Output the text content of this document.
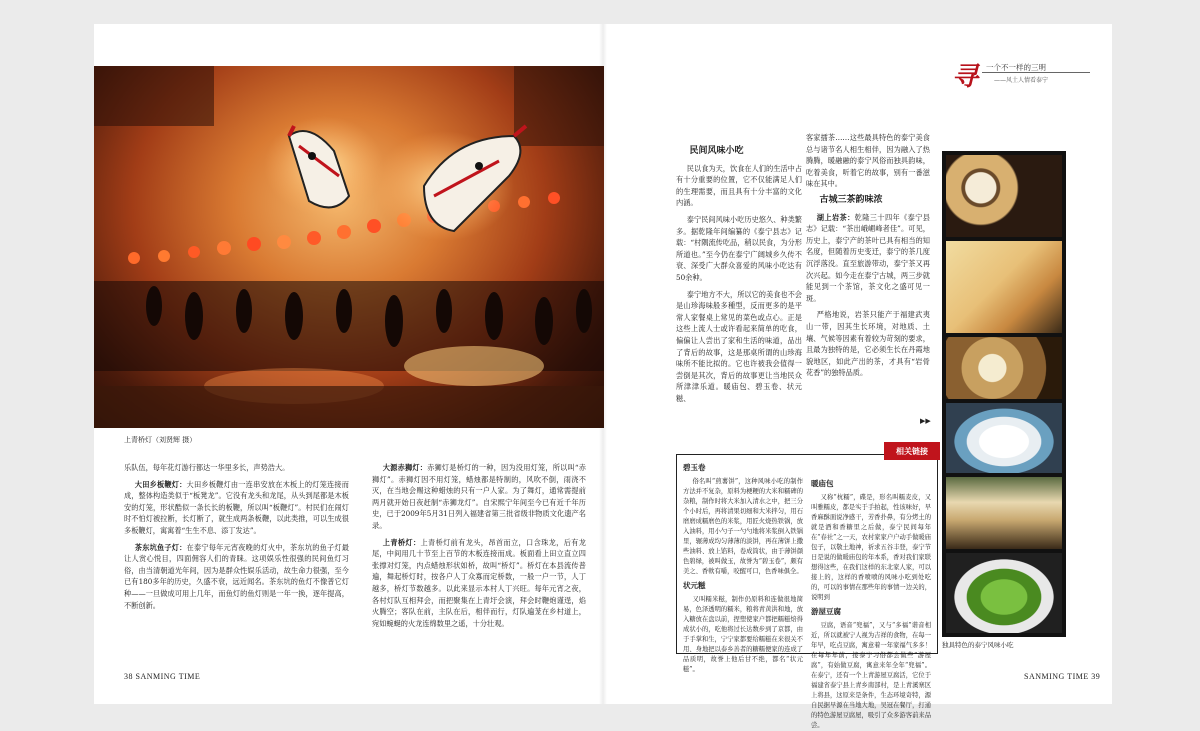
上青桥灯（刘贤辉 摄）

乐队伍，每年花灯游行都达一华里多长，声势浩大。

大田乡板鞭灯：大田乡板鞭灯由一连串安放在木板上的灯笼连接而成，整体构造类似于“板凳龙”。它没有龙头和龙尾，从头到尾都是木板安的灯笼，形状酷似一条长长的板鞭，所以叫“板鞭灯”。村民们在闹灯时不怕灯被拉断，长灯断了，就生成两条板鞭，以此类推，可以生成很多板鞭灯，寓寓着“生生不息、添丁发达”。

茶东坑鱼子灯：在泰宁每年元宵夜晚的灯火中，茶东坑的鱼子灯最让人赏心悦目，四面佣容人们的青睐。这项娱乐性很强的民间鱼灯习俗，由当清朝道光年间，因为是群众性娱乐活动，故生命力很强，至今已有180多年的历史，久盛不衰，远近闻名。茶东坑的鱼灯不像普它灯种——一旦做成可用上几年，而鱼灯的鱼灯则是一年一换，逐年提高，不断创新。

大源赤狮灯：赤狮灯是桥灯的一种，因为没用灯笼，所以叫“赤狮灯”。赤狮灯因不用灯笼，蜡烛都是特制的，风吹不倒，雨浇不灭，在当地会赐这种蜡烛的只有一户人家。为了舞灯，通常需提前两月就开始日夜赶制“赤狮龙灯”。自宋熙宁年间至今已有近千年历史，已于2009年5月31日列入福建省第三批省级非物质文化遗产名录。

上青桥灯：上青桥灯前有龙头，昂首而立，口含珠龙，后有龙尾，中间用几十节至上百节的木板连接而成。板面看上田立直立四张撑对灯笼，内点蜡烛形状如桥，故叫“桥灯”。桥灯在本县流传普遍，舞起桥灯时，按各户人丁众寡而定桥数，一般一户一节，人丁越多，桥灯节数越多。以此来显示本村人丁兴旺。每年元宵之夜，各村灯队互相拜会，而把聚集在上青圩会演，拜会时鞭炮谨逞，焰火腾空；客队在前，主队在后，相伴而行，灯队遍茏在乡村道上，宛如蜿蜒的火龙连绵数里之遥，十分壮观。

38 SANMING TIME
寻 一个不一样的三明
——风土人情看泰宁

民间风味小吃

民以食为天，饮食在人们的生活中占有十分重要的位置，它不仅能满足人们的生理需要，而且具有十分丰富的文化内涵。

泰宁民间风味小吃历史悠久、种类繁多。据乾隆年间编纂的《泰宁县志》记载：“村隅流传吃品，稍以民食，为分形所道也。”至今仍在泰宁广阔城乡久传不衰、深受广大群众喜爱的风味小吃达有50余种。

泰宁地方不大，所以它的美食也不会是山珍海味般多種型，反而更多的是平常人家餐桌上常见的菜色或点心。正是这些上流人士或许看起来简单的吃食，偏偏让人尝出了家和生活的味道，品出了背后的故事，这是那桌所谓的山珍海味所不能比拟的。它也许被我会值得一尝倒是其次，背后的故事更让当地民众所津津乐道。暖庙包、碧玉卷、状元糍、

客家擂茶……这些最具特色的泰宁美食总与诸节名人相生相伴，因为融入了热腾腾，暖融融的泰宁风俗而独具韵味，吃着美食，听着它的故事，别有一番滋味在其中。

古城三茶韵味浓

湖上岩茶：乾隆三十四年《泰宁县志》记载：“茶出峨嵋峰者佳”。可见，历史上，泰宁产的茶叶已具有相当的知名度，但随着历史变迁，泰宁的茶几度沉浮落没。直至旅游带动，泰宁茶又再次兴起。如今走在泰宁古城，两三步就能见到一个茶馆，茶文化之盛可见一斑。

严格地说，岩茶只能产于福建武夷山一带，因其生长环境，对地质、土壤、气候等因素有着较为苛刻的要求，且最为独特的是，它必须生长在丹霞地貌地区，如此产出的茶，才具有“岩骨花香”的独特品质。

▶▶

碧玉卷

俗名叫“煎薯饼”，这种风味小吃的制作方法并不复杂，原料为梗粳的大米和糯碑的杂粮，制作时将大米加入清水之中，把三分个小时后，再将清果切细和大米拌匀，用石磨磨成糯磨色的米浆，用匠火烧热铁锅，放入油料，用小勺子一勺勺地将米浆倒入铁锅里，辗薄成均匀薄薄的淡饼，再在薄饼上撒些油料、放上馅料，卷成筒状，由于薄饼颜色碧绿，被叫做玉，故誉为“碧玉卷”，颇有美之、香軟有嚼，咬醒可口，色香味俱全。

状元糍

又叫糯米糍，制作仍原料和连做很地简易，色泽透明的糯米，粮将青黄洪和地，放入糖放在盘以前，捏塑使家户都把糯糍焙得成状小的，吃他将过长达数步到了京都，由于手掌和生，宁宁家都要给糯糍在来很关不用、身地把以泰乡善者的糖糯便家的连成了品质明，故誉上他后甘不绝，都名“状元糍”。

暖庙包

又称“杭糯”，碟是，形名叫糯麦皮，又叫雅糯皮，都是实于手拍起，性该味好，早香麻酥面说净感干，芳香扑鼻，有分烤土的就是酒和香糖里之后做，泰宁民间每年在“春社”之一天，农村家家户户动手做暖庙包子，以敬土地神，祈求五谷丰登，泰宁节日是说的做暖庙包的年本系，香对我们家联想得这些，在我们这样的东北家人家，可以接上的，这样的香喷喷的风味小吃到处吃的，可以的事情在那些年的事情一边关的，说明到

游屋豆腐

豆腐，语音“兜福”，又与“多福”谐音相近，所以就被宁人视为吉祥的食物，在每一年早，吃点豆腐，寓意着一年家福气多多！在每年年前，接泰宁习俗都会做些“游屋腐”，有始做豆腐，寓意来年全年“兜福”。 在泰宁，还有一个上青游屋豆腐活，它位于福建省泰宁县上青乡南部村，是上青溪寨区上将县，这原来是条件，生态环境奇特，源自民据早源在当地大地，吴冠在餐厅，打通的特色游屋豆腐屋，吸引了众多游客前来品尝。

相关链接
独具特色的泰宁风味小吃
SANMING TIME 39
